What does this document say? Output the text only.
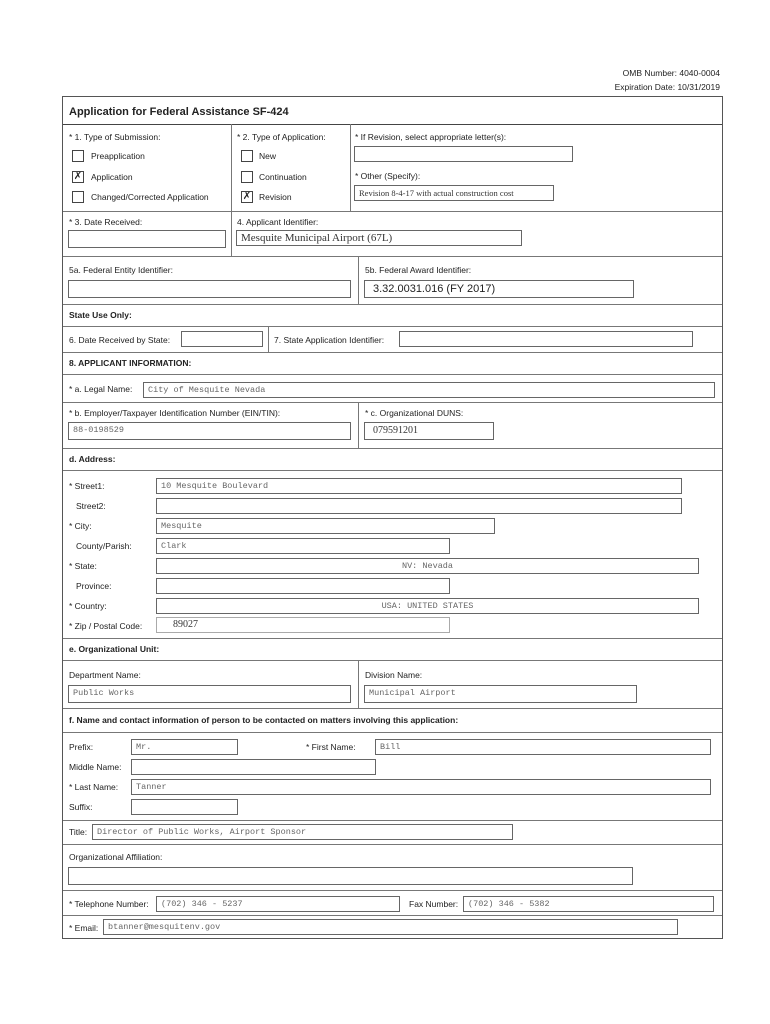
OMB Number: 4040-0004
Expiration Date: 10/31/2019
Application for Federal Assistance SF-424
* 1. Type of Submission:
Preapplication
✗ Application
Changed/Corrected Application
* 2. Type of Application:
New
Continuation
✗ Revision
* If Revision, select appropriate letter(s):
* Other (Specify):
Revision 8-4-17 with actual construction cost
* 3. Date Received:	4. Applicant Identifier:
Mesquite Municipal Airport (67L)
5a. Federal Entity Identifier:	5b. Federal Award Identifier:
3.32.0031.016 (FY 2017)
State Use Only:
6. Date Received by State:	7. State Application Identifier:
8. APPLICANT INFORMATION:
* a. Legal Name:	City of Mesquite Nevada
* b. Employer/Taxpayer Identification Number (EIN/TIN):
88-0198529
* c. Organizational DUNS:
079591201
d. Address:
* Street1:	10 Mesquite Boulevard
Street2:
* City:	Mesquite
County/Parish:	Clark
* State:	NV: Nevada
Province:
* Country:	USA: UNITED STATES
* Zip / Postal Code:	89027
e. Organizational Unit:
Department Name:
Public Works
Division Name:
Municipal Airport
f. Name and contact information of person to be contacted on matters involving this application:
Prefix:	Mr.	* First Name:	Bill
Middle Name:
* Last Name:	Tanner
Suffix:
Title:	Director of Public Works, Airport Sponsor
Organizational Affiliation:
* Telephone Number:	(702) 346 - 5237	Fax Number:	(702) 346 - 5382
* Email:	btanner@mesquitenv.gov
